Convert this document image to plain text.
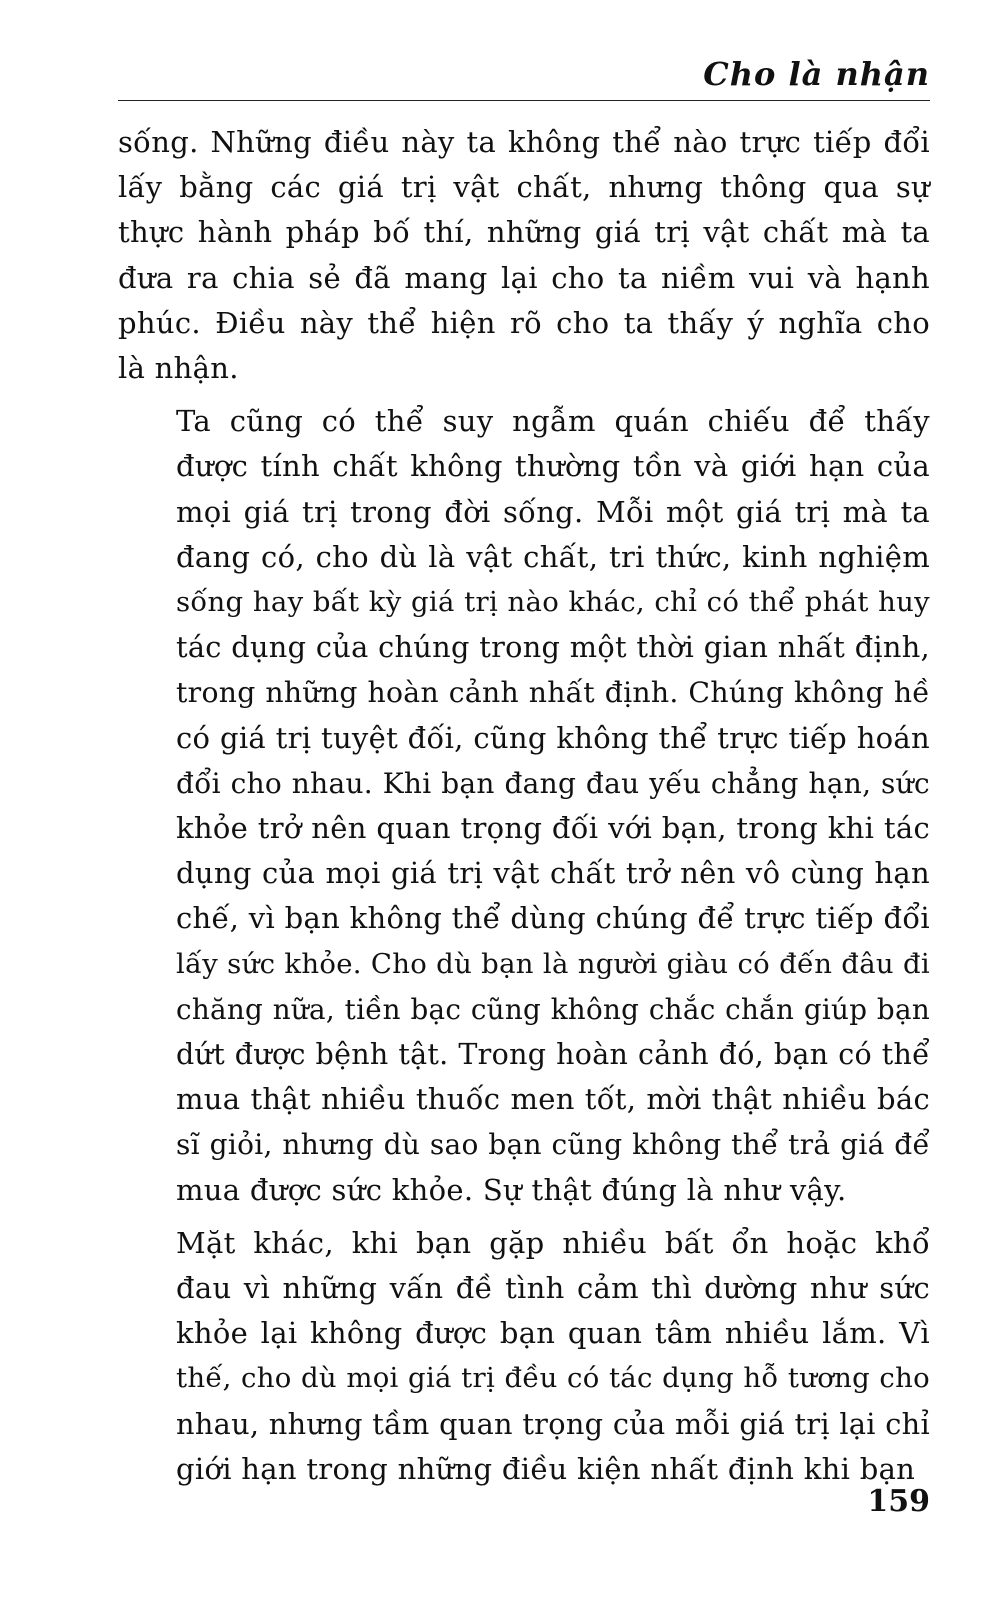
Cho là nhận

sống. Những điều này ta không thể nào trực tiếp đổi
lấy bằng các giá trị vật chất, nhưng thông qua sự
thực hành pháp bố thí, những giá trị vật chất mà ta
đưa ra chia sẻ đã mang lại cho ta niềm vui và hạnh
phúc. Điều này thể hiện rõ cho ta thấy ý nghĩa cho
là nhận.

Ta cũng có thể suy ngẫm quán chiếu để thấy
được tính chất không thường tồn và giới hạn của
mọi giá trị trong đời sống. Mỗi một giá trị mà ta
đang có, cho dù là vật chất, tri thức, kinh nghiệm
sống hay bất kỳ giá trị nào khác, chỉ có thể phát huy
tác dụng của chúng trong một thời gian nhất định,
trong những hoàn cảnh nhất định. Chúng không hề
có giá trị tuyệt đối, cũng không thể trực tiếp hoán
đổi cho nhau. Khi bạn đang đau yếu chẳng hạn, sức
khỏe trở nên quan trọng đối với bạn, trong khi tác
dụng của mọi giá trị vật chất trở nên vô cùng hạn
chế, vì bạn không thể dùng chúng để trực tiếp đổi
lấy sức khỏe. Cho dù bạn là người giàu có đến đâu đi
chăng nữa, tiền bạc cũng không chắc chắn giúp bạn
dứt được bệnh tật. Trong hoàn cảnh đó, bạn có thể
mua thật nhiều thuốc men tốt, mời thật nhiều bác
sĩ giỏi, nhưng dù sao bạn cũng không thể trả giá để
mua được sức khỏe. Sự thật đúng là như vậy.

Mặt khác, khi bạn gặp nhiều bất ổn hoặc khổ
đau vì những vấn đề tình cảm thì dường như sức
khỏe lại không được bạn quan tâm nhiều lắm. Vì
thế, cho dù mọi giá trị đều có tác dụng hỗ tương cho
nhau, nhưng tầm quan trọng của mỗi giá trị lại chỉ
giới hạn trong những điều kiện nhất định khi bạn

159
